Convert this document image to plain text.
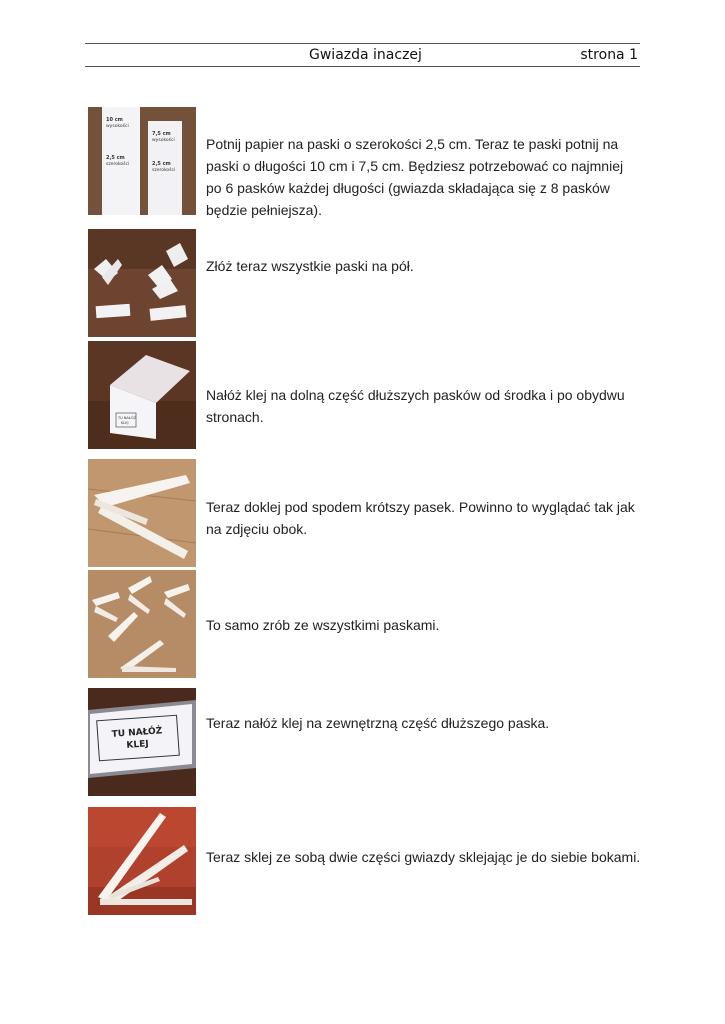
Gwiazda inaczej	strona 1
10 cm
wysokości
2,5 cm
szerokości
7,5 cm
wysokości
2,5 cm
szerokości
Potnij papier na paski o szerokości 2,5 cm. Teraz te paski potnij na paski o długości 10 cm i 7,5 cm. Będziesz potrzebować co najmniej po 6 pasków każdej długości (gwiazda składająca się z 8 pasków będzie pełniejsza).
Złóż teraz wszystkie paski na pół.
TU NAŁÓŻ
KLEJ
Nałóż klej na dolną część dłuższych pasków od środka i po obydwu stronach.
Teraz doklej pod spodem krótszy pasek. Powinno to wyglądać tak jak na zdjęciu obok.
To samo zrób ze wszystkimi paskami.
TU NAŁÓŻ
KLEJ
Teraz nałóż klej na zewnętrzną część dłuższego paska.
Teraz sklej ze sobą dwie części gwiazdy sklejając je do siebie bokami.
